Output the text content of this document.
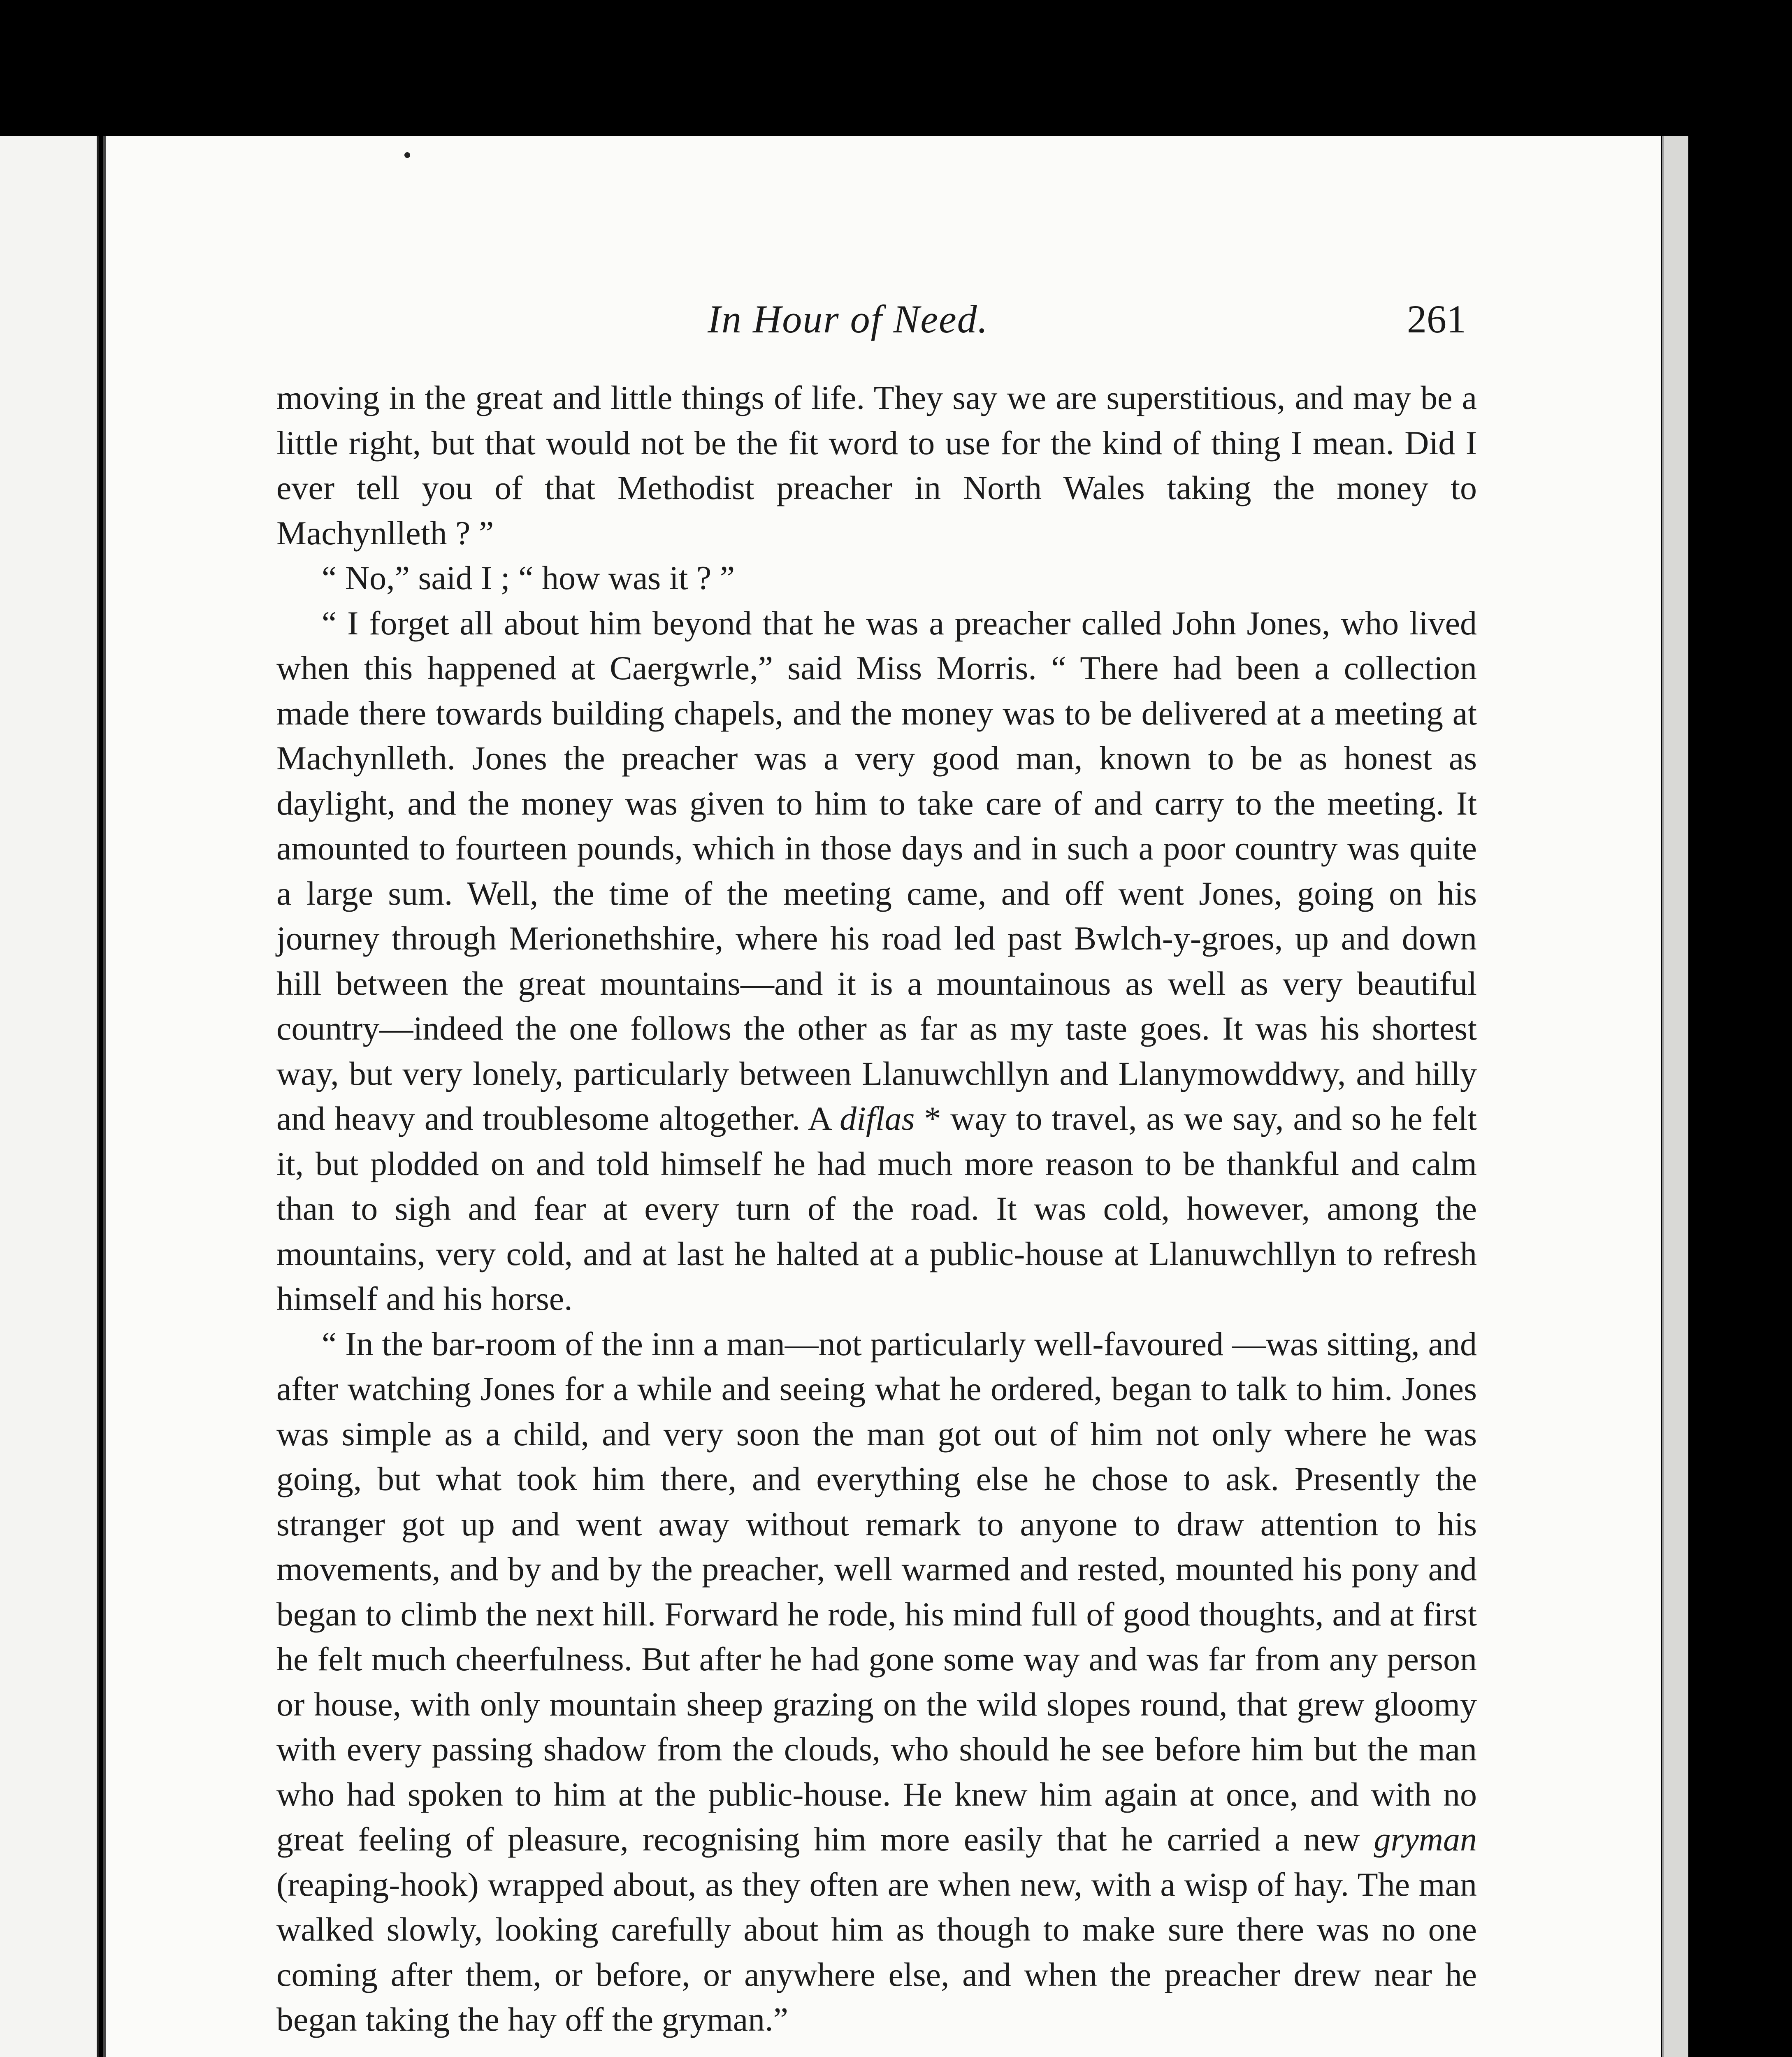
In Hour of Need.	261

moving in the great and little things of life. They say we are superstitious, and may be a little right, but that would not be the fit word to use for the kind of thing I mean. Did I ever tell you of that Methodist preacher in North Wales taking the money to Machynlleth ? ”

“ No,” said I ; “ how was it ? ”

“ I forget all about him beyond that he was a preacher called John Jones, who lived when this happened at Caergwrle,” said Miss Morris. “ There had been a collection made there towards building chapels, and the money was to be delivered at a meeting at Machynlleth. Jones the preacher was a very good man, known to be as honest as daylight, and the money was given to him to take care of and carry to the meeting. It amounted to fourteen pounds, which in those days and in such a poor country was quite a large sum. Well, the time of the meeting came, and off went Jones, going on his journey through Merionethshire, where his road led past Bwlch-y-groes, up and down hill between the great mountains—and it is a mountainous as well as very beautiful country—indeed the one follows the other as far as my taste goes. It was his shortest way, but very lonely, particularly between Llanuwchllyn and Llanymowddwy, and hilly and heavy and troublesome altogether. A diflas * way to travel, as we say, and so he felt it, but plodded on and told himself he had much more reason to be thankful and calm than to sigh and fear at every turn of the road. It was cold, however, among the mountains, very cold, and at last he halted at a public-house at Llanuwchllyn to refresh himself and his horse.

“ In the bar-room of the inn a man—not particularly well-favoured —was sitting, and after watching Jones for a while and seeing what he ordered, began to talk to him. Jones was simple as a child, and very soon the man got out of him not only where he was going, but what took him there, and everything else he chose to ask. Presently the stranger got up and went away without remark to anyone to draw attention to his movements, and by and by the preacher, well warmed and rested, mounted his pony and began to climb the next hill. Forward he rode, his mind full of good thoughts, and at first he felt much cheerfulness. But after he had gone some way and was far from any person or house, with only mountain sheep grazing on the wild slopes round, that grew gloomy with every passing shadow from the clouds, who should he see before him but the man who had spoken to him at the public-house. He knew him again at once, and with no great feeling of pleasure, recognising him more easily that he carried a new gryman (reaping-hook) wrapped about, as they often are when new, with a wisp of hay. The man walked slowly, looking carefully about him as though to make sure there was no one coming after them, or before, or anywhere else, and when the preacher drew near he began taking the hay off the gryman.”
